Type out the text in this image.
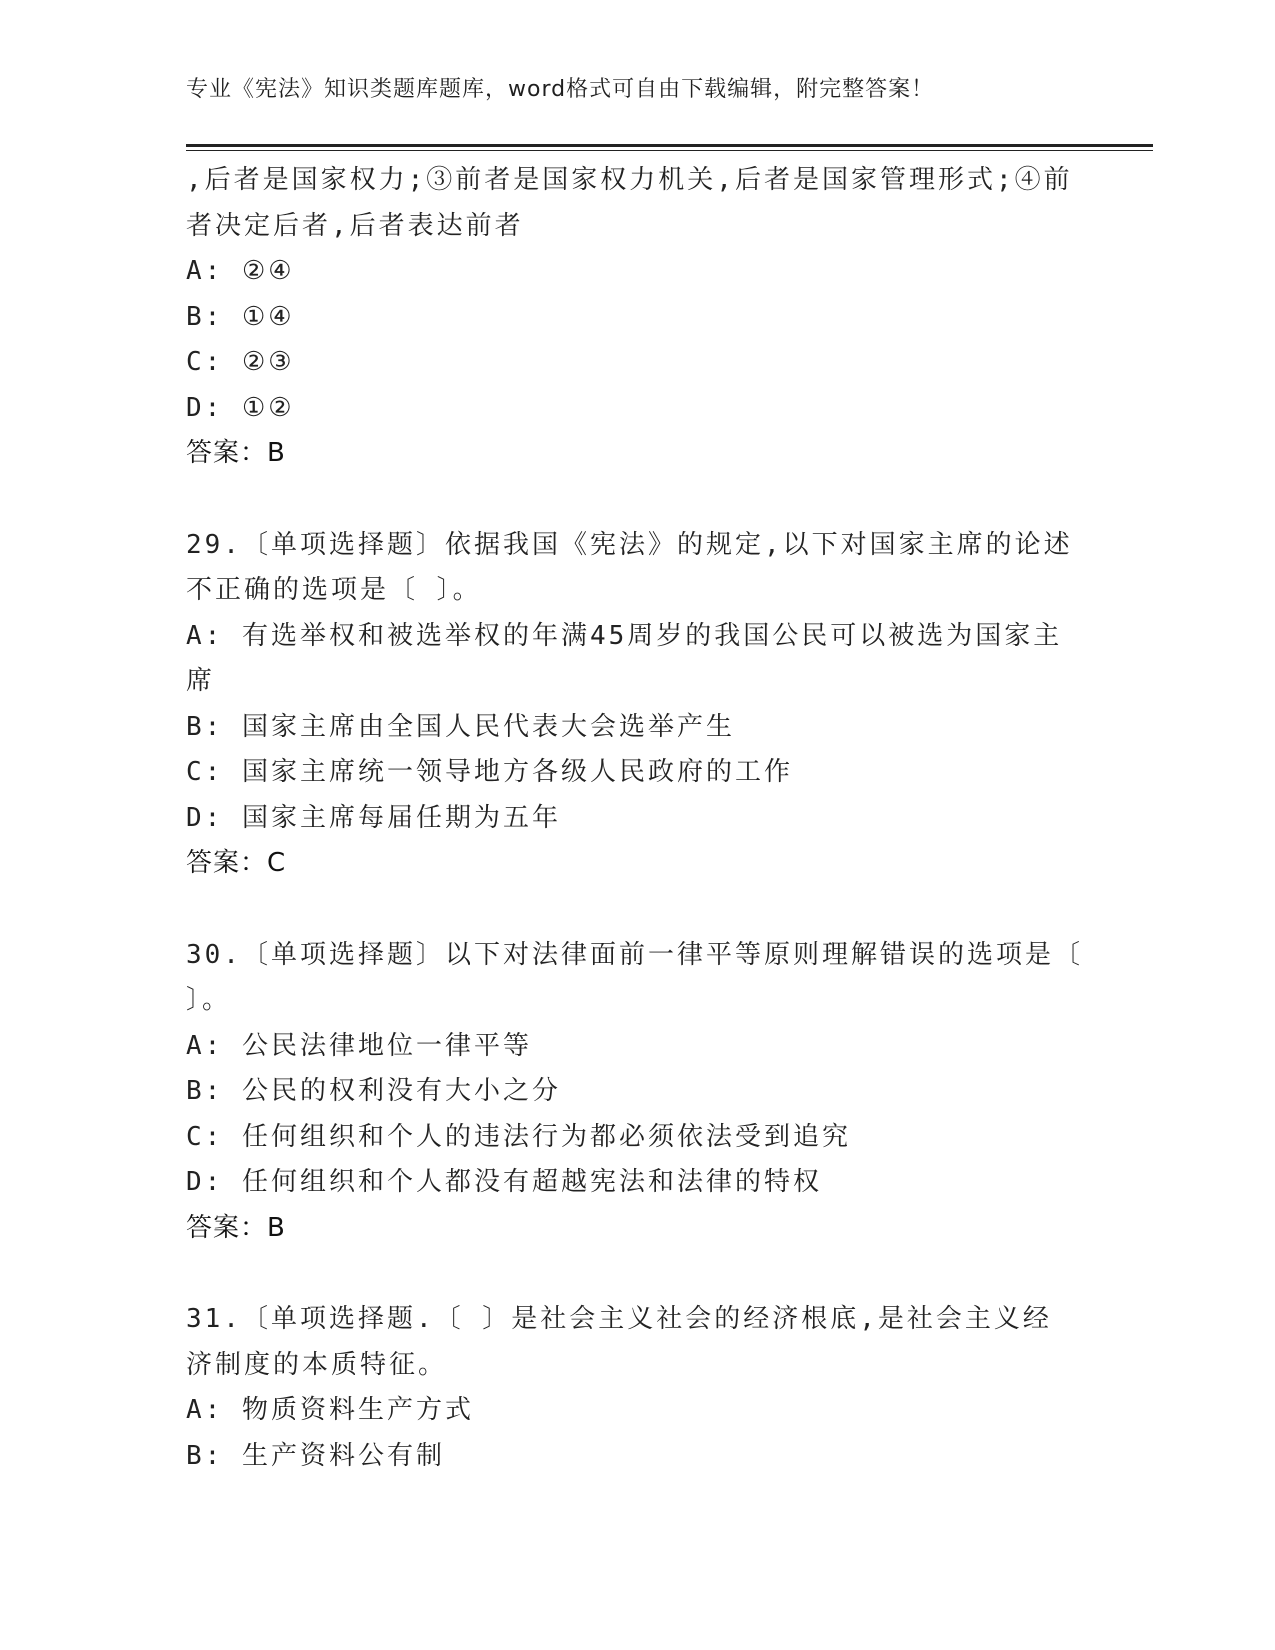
专业《宪法》知识类题库题库，word格式可自由下载编辑，附完整答案！
,后者是国家权力;③前者是国家权力机关,后者是国家管理形式;④前
者决定后者,后者表达前者
A: ②④
B: ①④
C: ②③
D: ①②
答案：B
29.〔单项选择题〕依据我国《宪法》的规定,以下对国家主席的论述
不正确的选项是〔 〕。
A: 有选举权和被选举权的年满45周岁的我国公民可以被选为国家主
席
B: 国家主席由全国人民代表大会选举产生
C: 国家主席统一领导地方各级人民政府的工作
D: 国家主席每届任期为五年
答案：C
30.〔单项选择题〕以下对法律面前一律平等原则理解错误的选项是〔
〕。
A: 公民法律地位一律平等
B: 公民的权利没有大小之分
C: 任何组织和个人的违法行为都必须依法受到追究
D: 任何组织和个人都没有超越宪法和法律的特权
答案：B
31.〔单项选择题.〔 〕是社会主义社会的经济根底,是社会主义经
济制度的本质特征。
A: 物质资料生产方式
B: 生产资料公有制
